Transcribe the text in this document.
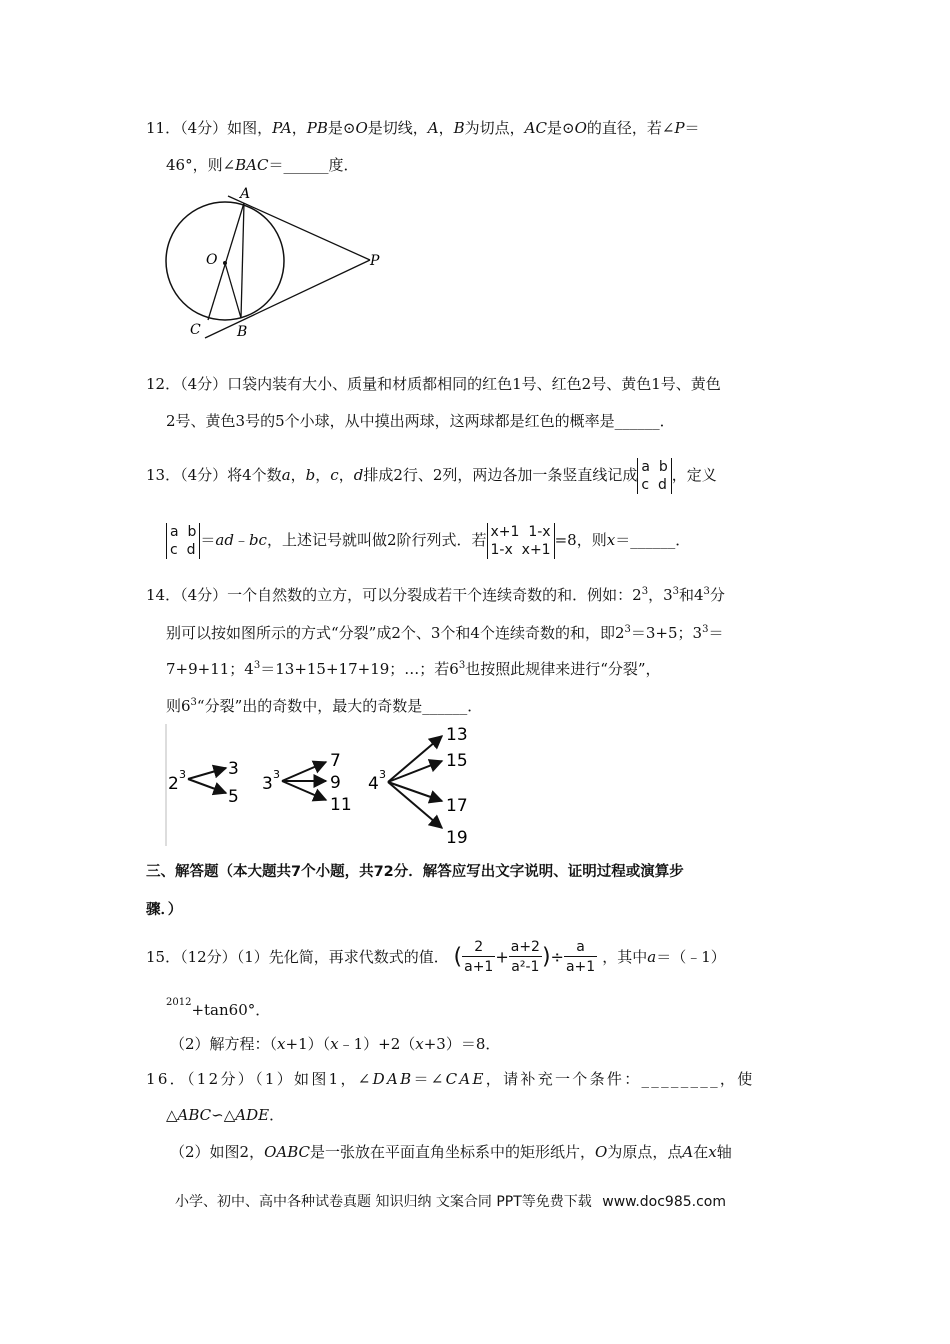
11．（4分）如图，PA，PB是⊙O是切线，A，B为切点，AC是⊙O的直径，若∠P＝
46°，则∠BAC＝______度．
A
O	P
C	B
12．（4分）口袋内装有大小、质量和材质都相同的红色1号、红色2号、黄色1号、黄色
2号、黄色3号的5个小球，从中摸出两球，这两球都是红色的概率是______．
13．（4分）将4个数a，b，c，d排成2行、2列，两边各加一条竖直线记成 a  b
c  d
，定义
a  b
c  d
＝ad﹣bc，上述记号就叫做2阶行列式．若 x+1  1-x
1-x  x+1
=8，则x＝______．
14．（4分）一个自然数的立方，可以分裂成若干个连续奇数的和．例如：$2^3$，$3^3$和$4^3$分
别可以按如图所示的方式“分裂”成2个、3个和4个连续奇数的和，即$2^3=3+5$；$3^3=$
7+9+11；$4^3=13+15+17+19$；…；若$6^3$也按照此规律来进行“分裂”，
则$6^3“$分裂”出的奇数中，最大的奇数是______．
2 3 3
5
3 3
7
9
11
4 3
13
15
17
19
三、解答题（本大题共7个小题，共72分．解答应写出文字说明、证明过程或演算步
骤．）
15．（12分）（1）先化简，再求代数式的值． ( $\frac{2}{a+1} + \frac{a+2}{\text{a²-1}}$ )÷ $\frac{a}{a+1}$ ，其中a＝（﹣1）
$^{2012}$+tan60°．
（2）解方程：（x+1）（x﹣1）+2（x+3）＝8．
16．（12分）（1）如图1，∠DAB＝∠CAE，请补充一个条件：________，使
△ABC∽△ADE．
（2）如图2，OABC是一张放在平面直角坐标系中的矩形纸片，O为原点，点A在x轴
小学、初中、高中各种试卷真题 知识归纳 文案合同 PPT等免费下载 www.doc985.com
